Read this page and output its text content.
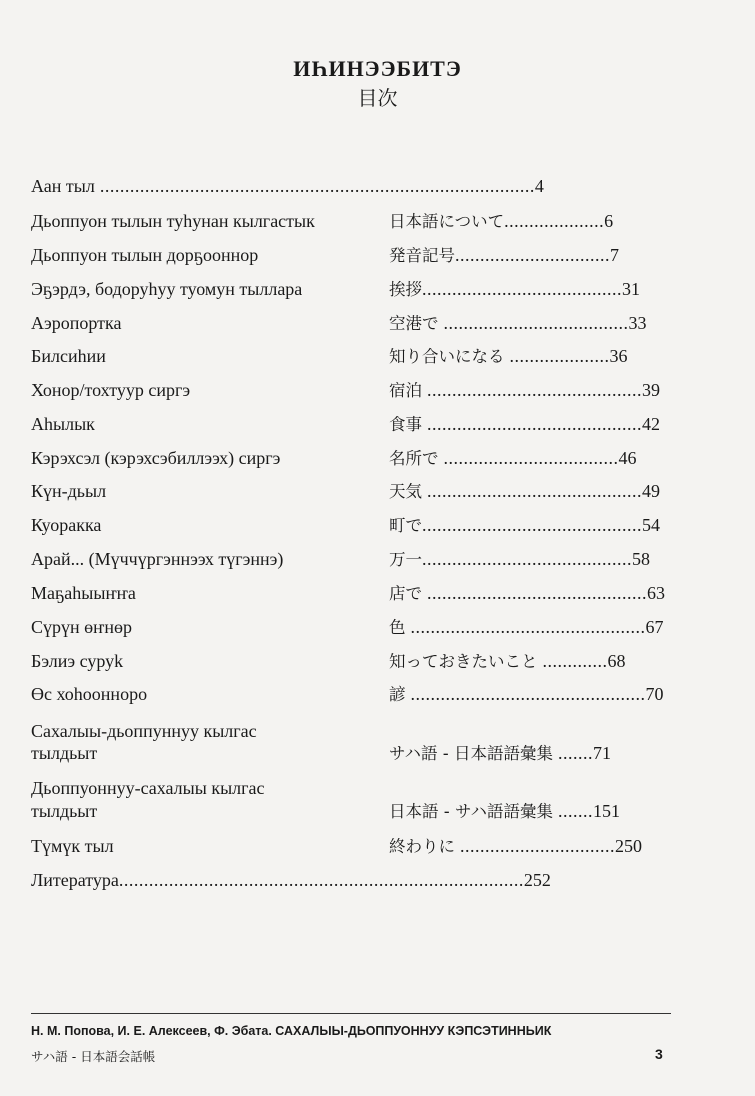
ИҺИНЭЭБИТЭ
目次
Аан тыл .......................................................................................4
Дьоппуон тылын туһунан кылгастык	日本語について....................6
Дьоппуон тылын дорҕооннор	発音記号...............................7
Эҕэрдэ, бодоруһуу туомун тыллара	挨拶........................................31
Аэропортка	空港で .....................................33
Билсиһии	知り合いになる ....................36
Хонор/тохтуур сиргэ	宿泊 ...........................................39
Аһылык	食事 ...........................................42
Кэрэхсэл (кэрэхсэбиллээх) сиргэ	名所で ...................................46
Күн-дьыл	天気 ...........................................49
Куоракка	町で............................................54
Арай... (Мүччүргэннээх түгэннэ)	万一..........................................58
Маҕаһыыҥҥа	店で ............................................63
Сүрүн өҥнөр	色 ...............................................67
Бэлиэ суруk	知っておきたいこと .............68
Өс хоһооннорo	諺 ...............................................70
Сахалыы-дьоппуннуу кылгас
тылдьыт	サハ語 ‐ 日本語語彙集 .......71
Дьоппуоннуу-сахалыы кылгас
тылдьыт	日本語 ‐ サハ語語彙集 .......151
Түмүк тыл	終わりに ...............................250
Литература.................................................................................252
Н. М. Попова, И. Е. Алексеев, Ф. Эбата. САХАЛЫЫ-ДЬОППУОННУУ КЭПСЭТИННЬИК
サハ語 ‐ 日本語会話帳	3
